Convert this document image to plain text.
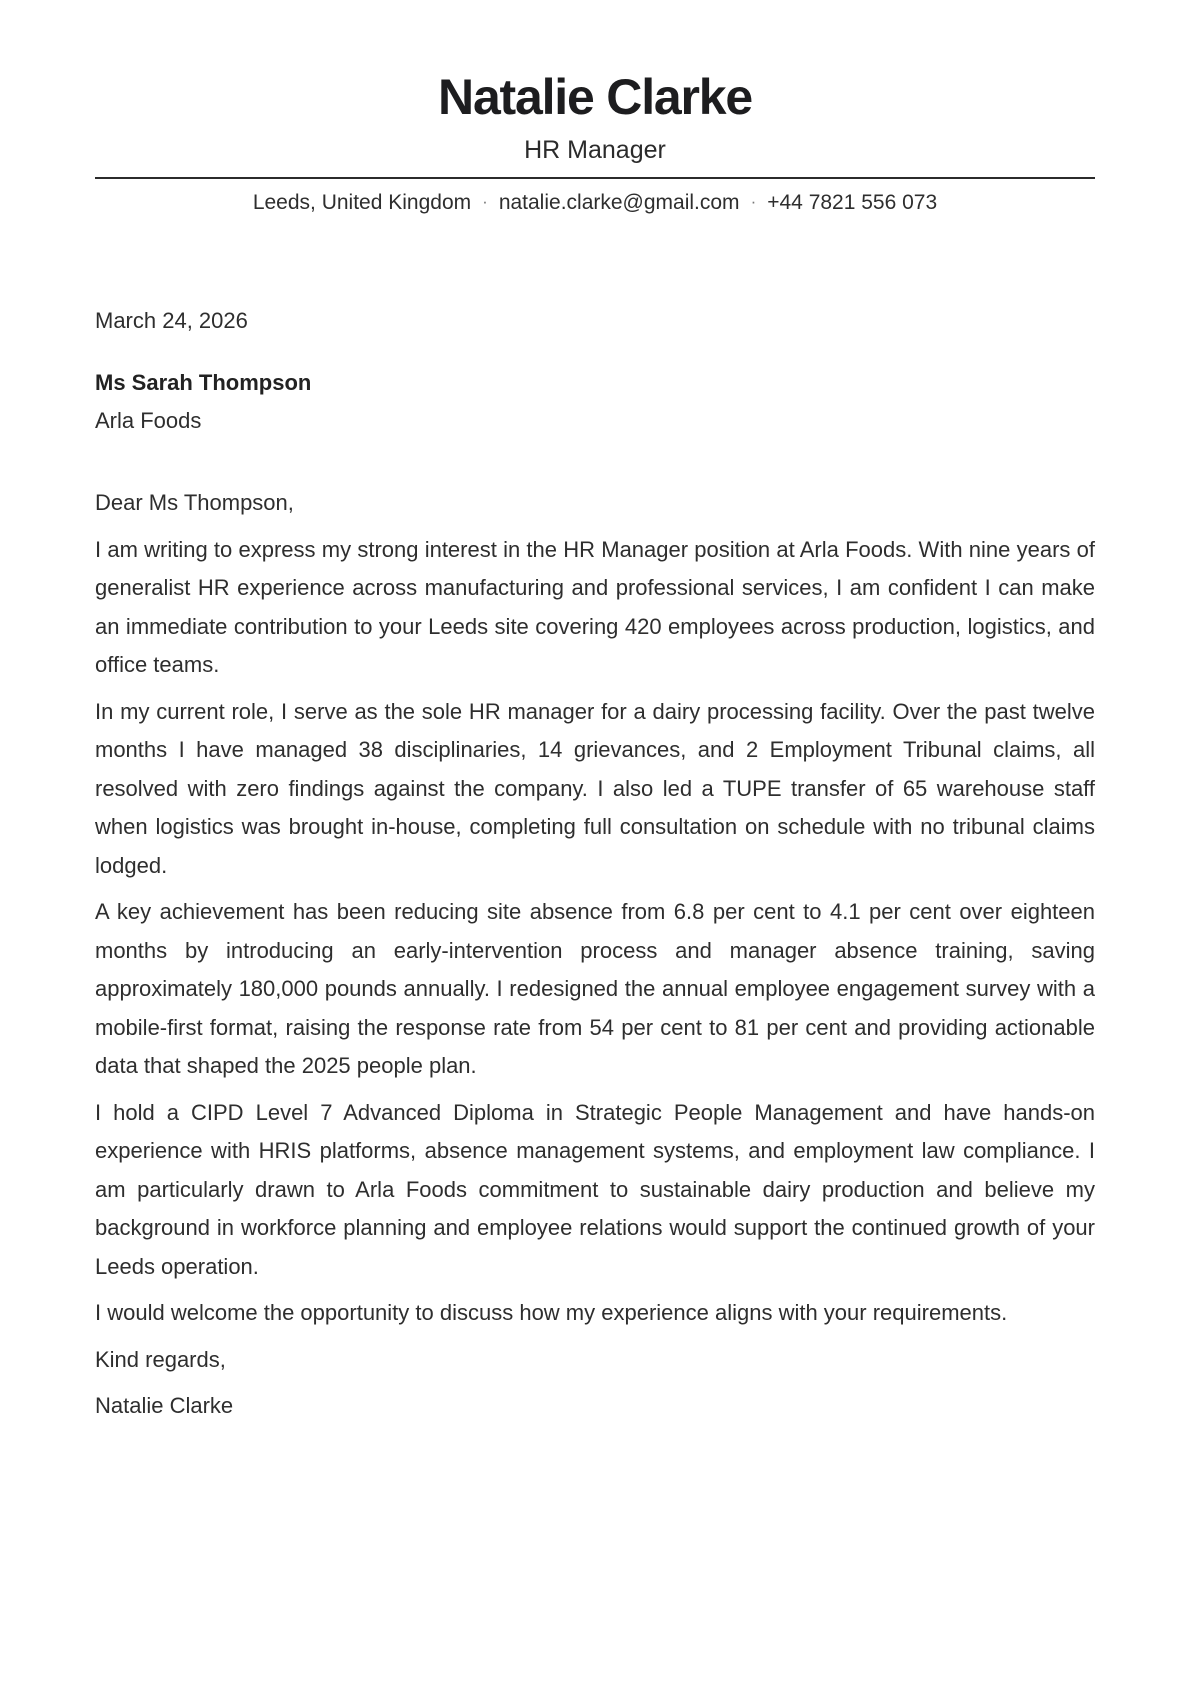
Natalie Clarke
HR Manager
Leeds, United Kingdom · natalie.clarke@gmail.com · +44 7821 556 073
March 24, 2026
Ms Sarah Thompson
Arla Foods

Dear Ms Thompson,

I am writing to express my strong interest in the HR Manager position at Arla Foods. With nine years of generalist HR experience across manufacturing and professional services, I am confident I can make an immediate contribution to your Leeds site covering 420 employees across production, logistics, and office teams.

In my current role, I serve as the sole HR manager for a dairy processing facility. Over the past twelve months I have managed 38 disciplinaries, 14 grievances, and 2 Employment Tribunal claims, all resolved with zero findings against the company. I also led a TUPE transfer of 65 warehouse staff when logistics was brought in-house, completing full consultation on schedule with no tribunal claims lodged.

A key achievement has been reducing site absence from 6.8 per cent to 4.1 per cent over eighteen months by introducing an early-intervention process and manager absence training, saving approximately 180,000 pounds annually. I redesigned the annual employee engagement survey with a mobile-first format, raising the response rate from 54 per cent to 81 per cent and providing actionable data that shaped the 2025 people plan.

I hold a CIPD Level 7 Advanced Diploma in Strategic People Management and have hands-on experience with HRIS platforms, absence management systems, and employment law compliance. I am particularly drawn to Arla Foods commitment to sustainable dairy production and believe my background in workforce planning and employee relations would support the continued growth of your Leeds operation.

I would welcome the opportunity to discuss how my experience aligns with your requirements.

Kind regards,

Natalie Clarke
